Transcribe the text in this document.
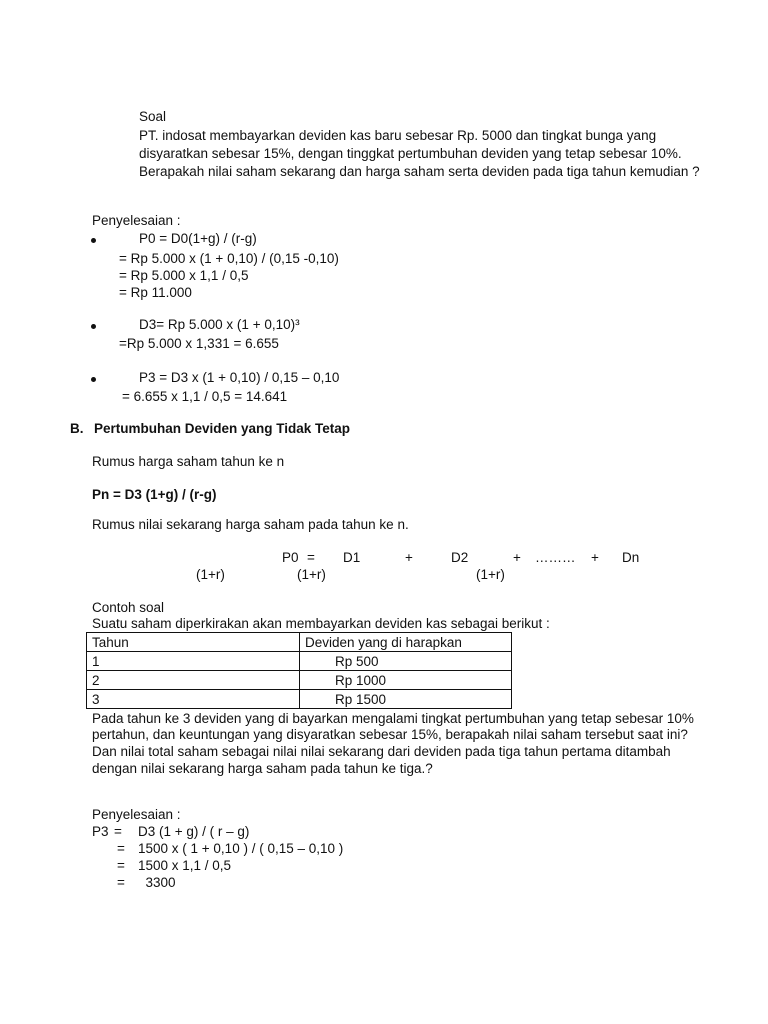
Soal
PT. indosat membayarkan deviden kas baru sebesar Rp. 5000 dan tingkat bunga yang
disyaratkan sebesar 15%, dengan tinggkat pertumbuhan deviden yang tetap sebesar 10%.
Berapakah nilai saham sekarang dan harga saham serta deviden pada tiga tahun kemudian ?
Penyelesaian :
P0 = D0(1+g) / (r-g)
= Rp 5.000 x (1 + 0,10) / (0,15 -0,10)
= Rp 5.000 x 1,1 / 0,5
= Rp 11.000
D3= Rp 5.000 x (1 + 0,10)³
=Rp 5.000 x 1,331 = 6.655
P3 = D3 x (1 + 0,10) / 0,15 – 0,10
= 6.655 x 1,1 / 0,5 = 14.641
B. Pertumbuhan Deviden yang Tidak Tetap
Rumus harga saham tahun ke n
Pn = D3 (1+g) / (r-g)
Rumus nilai sekarang harga saham pada tahun ke n.
P0 = D1	+	D2	+ ……… + Dn
(1+r)	(1+r)	(1+r)
Contoh soal
Suatu saham diperkirakan akan membayarkan deviden kas sebagai berikut :
Tahun	Deviden yang di harapkan
1	Rp 500
2	Rp 1000
3	Rp 1500
Pada tahun ke 3 deviden yang di bayarkan mengalami tingkat pertumbuhan yang tetap sebesar 10%
pertahun, dan keuntungan yang disyaratkan sebesar 15%, berapakah nilai saham tersebut saat ini?
Dan nilai total saham sebagai nilai nilai sekarang dari deviden pada tiga tahun pertama ditambah
dengan nilai sekarang harga saham pada tahun ke tiga.?
Penyelesaian :
P3 = D3 (1 + g) / ( r – g)
= 1500 x ( 1 + 0,10 ) / ( 0,15 – 0,10 )
= 1500 x 1,1 / 0,5
= 3300
